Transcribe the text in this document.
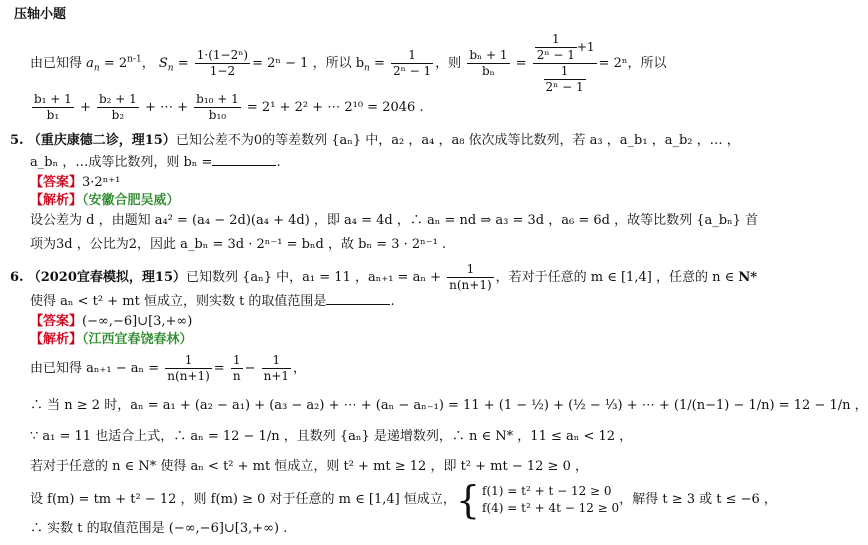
压轴小题
由已知得 $a_n = 2^{n-1}$， $S_n = \frac{\text{1·(1−2ⁿ)}}{1-2} = 2^n - 1$ ，所以 $b_n = \frac{1}{\text{2ⁿ − 1}}$ ，则 $\frac{\text{bₙ + 1}}{\text{bₙ}} = \frac{\frac{1}{\text{2ⁿ − 1}} +1}{\frac{1}{\text{2ⁿ − 1}}} = 2^n$，所以
$\frac{\text{b₁ + 1}}{\text{b₁}} + \frac{\text{b₂ + 1}}{\text{b₂}}$ + ⋯ + $\frac{\text{b₁₀ + 1}}{\text{b₁₀}} = 2^1 + 2^2$ + ⋯ 2¹⁰ = 2046 .
5. （重庆康德二诊，理15）已知公差不为0的等差数列 {aₙ} 中，a₂ ，a₄ ，a₈ 依次成等比数列，若 a₃ ，a_b₁ ，a_b₂ ，… ，
a_bₙ ，…成等比数列，则 bₙ =	.
【答案】3·2ⁿ⁺¹
【解析】（安徽合肥吴威）
设公差为 d ，由题知 a₄² = (a₄ − 2d)(a₄ + 4d) ，即 a₄ = 4d ，∴ aₙ = nd ⇒ a₃ = 3d ，a₆ = 6d ，故等比数列 {a_bₙ} 首
项为3d ，公比为2，因此 a_bₙ = 3d · 2ⁿ⁻¹ = bₙd ，故 bₙ = 3 · 2ⁿ⁻¹ .
6. （2020宜春模拟，理15）已知数列 {aₙ} 中，a₁ = 11 ，$a_{n+1} = a_n + \frac{1}{n(n+1)}$ ，若对于任意的 m ∈ [1,4] ，任意的 n ∈ N*
使得 aₙ < t² + mt 恒成立，则实数 t 的取值范围是	.
【答案】(−∞,−6]∪[3,+∞)
【解析】（江西宜春饶春林）
由已知得 $a_{n+1} - a_n = \frac{1}{n(n+1)} = \frac{1}{n} - \frac{1}{n+1}$ ，
∴ 当 n ≥ 2 时，aₙ = a₁ + (a₂ − a₁) + (a₃ − a₂) + ⋯ + (aₙ − aₙ₋₁) = 11 + (1 − ½) + (½ − ⅓) + ⋯ + (1/(n−1) − 1/n) = 12 − 1/n ，
∵ a₁ = 11 也适合上式，∴ aₙ = 12 − 1/n ，且数列 {aₙ} 是递增数列，∴ n ∈ N* ，11 ≤ aₙ < 12 ，
若对于任意的 n ∈ N* 使得 aₙ < t² + mt 恒成立，则 t² + mt ≥ 12 ，即 t² + mt − 12 ≥ 0 ，
设 f(m) = tm + t² − 12 ，则 f(m) ≥ 0 对于任意的 m ∈ [1,4] 恒成立，{ f(1) = t² + t − 12 ≥ 0
f(4) = t² + 4t − 12 ≥ 0
，解得 t ≥ 3 或 t ≤ −6 ，
∴ 实数 t 的取值范围是 (−∞,−6]∪[3,+∞) .
